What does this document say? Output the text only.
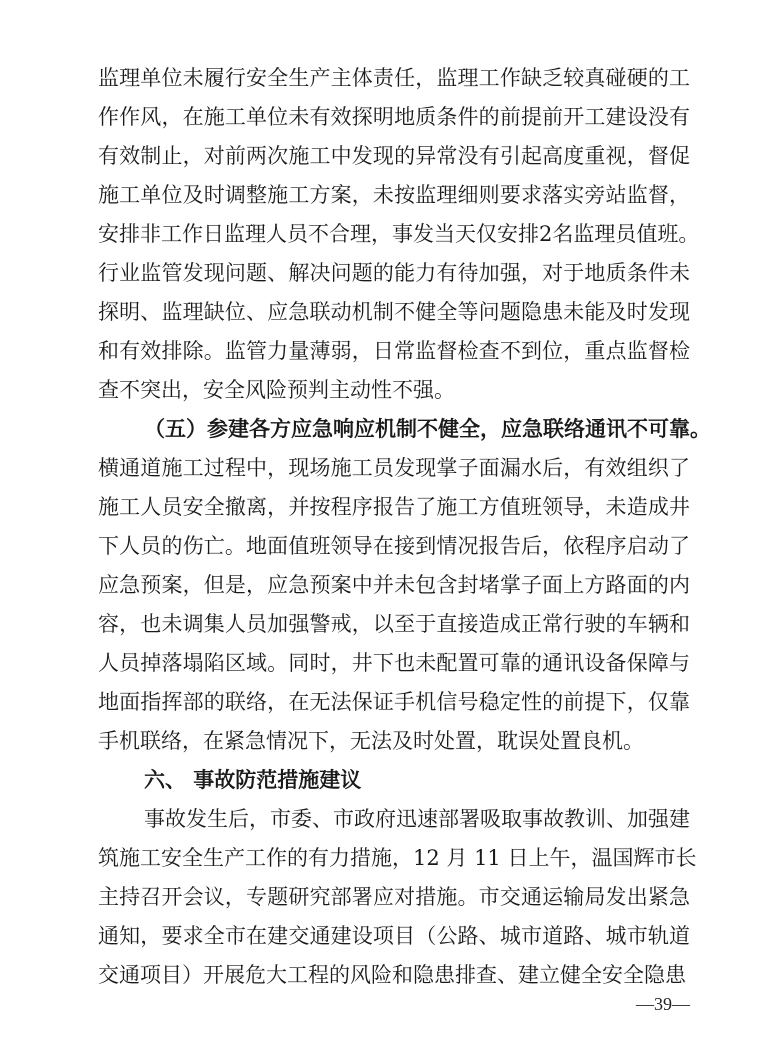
监理单位未履行安全生产主体责任，监理工作缺乏较真碰硬的工
作作风，在施工单位未有效探明地质条件的前提前开工建设没有
有效制止，对前两次施工中发现的异常没有引起高度重视，督促
施工单位及时调整施工方案，未按监理细则要求落实旁站监督，
安排非工作日监理人员不合理，事发当天仅安排2名监理员值班。
行业监管发现问题、解决问题的能力有待加强，对于地质条件未
探明、监理缺位、应急联动机制不健全等问题隐患未能及时发现
和有效排除。监管力量薄弱，日常监督检查不到位，重点监督检
查不突出，安全风险预判主动性不强。
（五）参建各方应急响应机制不健全，应急联络通讯不可靠。
横通道施工过程中，现场施工员发现掌子面漏水后，有效组织了
施工人员安全撤离，并按程序报告了施工方值班领导，未造成井
下人员的伤亡。地面值班领导在接到情况报告后，依程序启动了
应急预案，但是，应急预案中并未包含封堵掌子面上方路面的内
容，也未调集人员加强警戒，以至于直接造成正常行驶的车辆和
人员掉落塌陷区域。同时，井下也未配置可靠的通讯设备保障与
地面指挥部的联络，在无法保证手机信号稳定性的前提下，仅靠
手机联络，在紧急情况下，无法及时处置，耽误处置良机。
六、 事故防范措施建议
事故发生后，市委、市政府迅速部署吸取事故教训、加强建
筑施工安全生产工作的有力措施，12 月 11 日上午，温国辉市长
主持召开会议，专题研究部署应对措施。市交通运输局发出紧急
通知，要求全市在建交通建设项目（公路、城市道路、城市轨道
交通项目）开展危大工程的风险和隐患排查、建立健全安全隐患
—39—
